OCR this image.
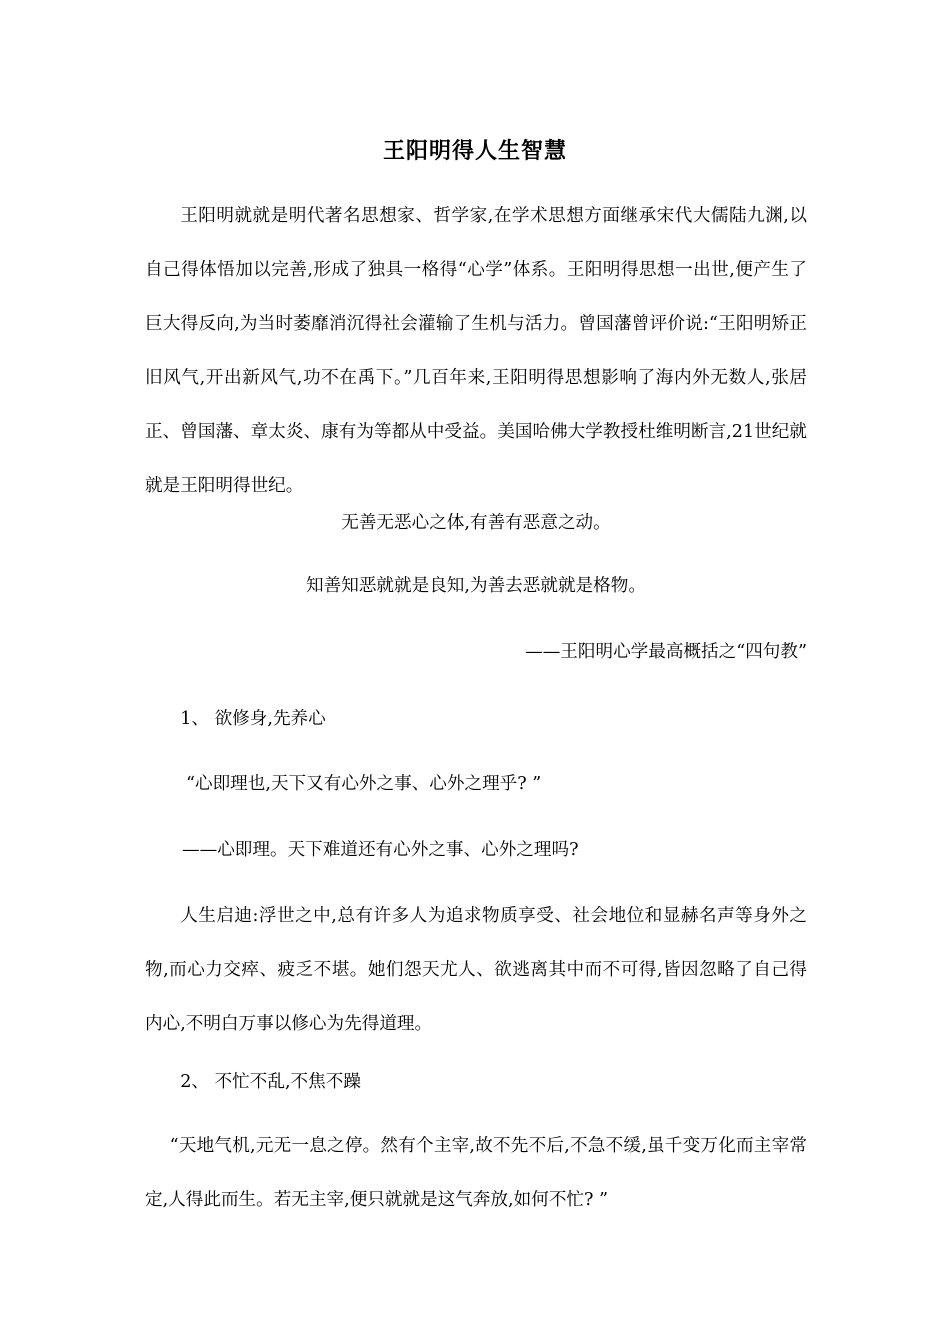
王阳明得人生智慧

王阳明就就是明代著名思想家、哲学家,在学术思想方面继承宋代大儒陆九渊,以自己得体悟加以完善,形成了独具一格得“心学”体系。王阳明得思想一出世,便产生了巨大得反向,为当时萎靡消沉得社会灌输了生机与活力。曾国藩曾评价说:“王阳明矫正旧风气,开出新风气,功不在禹下。”几百年来,王阳明得思想影响了海内外无数人,张居正、曾国藩、章太炎、康有为等都从中受益。美国哈佛大学教授杜维明断言,21世纪就就是王阳明得世纪。

无善无恶心之体,有善有恶意之动。

知善知恶就就是良知,为善去恶就就是格物。

——王阳明心学最高概括之“四句教”

1、 欲修身,先养心

“心即理也,天下又有心外之事、心外之理乎? ”

——心即理。天下难道还有心外之事、心外之理吗?

人生启迪:浮世之中,总有许多人为追求物质享受、社会地位和显赫名声等身外之物,而心力交瘁、疲乏不堪。她们怨天尤人、欲逃离其中而不可得,皆因忽略了自己得内心,不明白万事以修心为先得道理。

2、 不忙不乱,不焦不躁

“天地气机,元无一息之停。然有个主宰,故不先不后,不急不缓,虽千变万化而主宰常定,人得此而生。若无主宰,便只就就是这气奔放,如何不忙? ”
